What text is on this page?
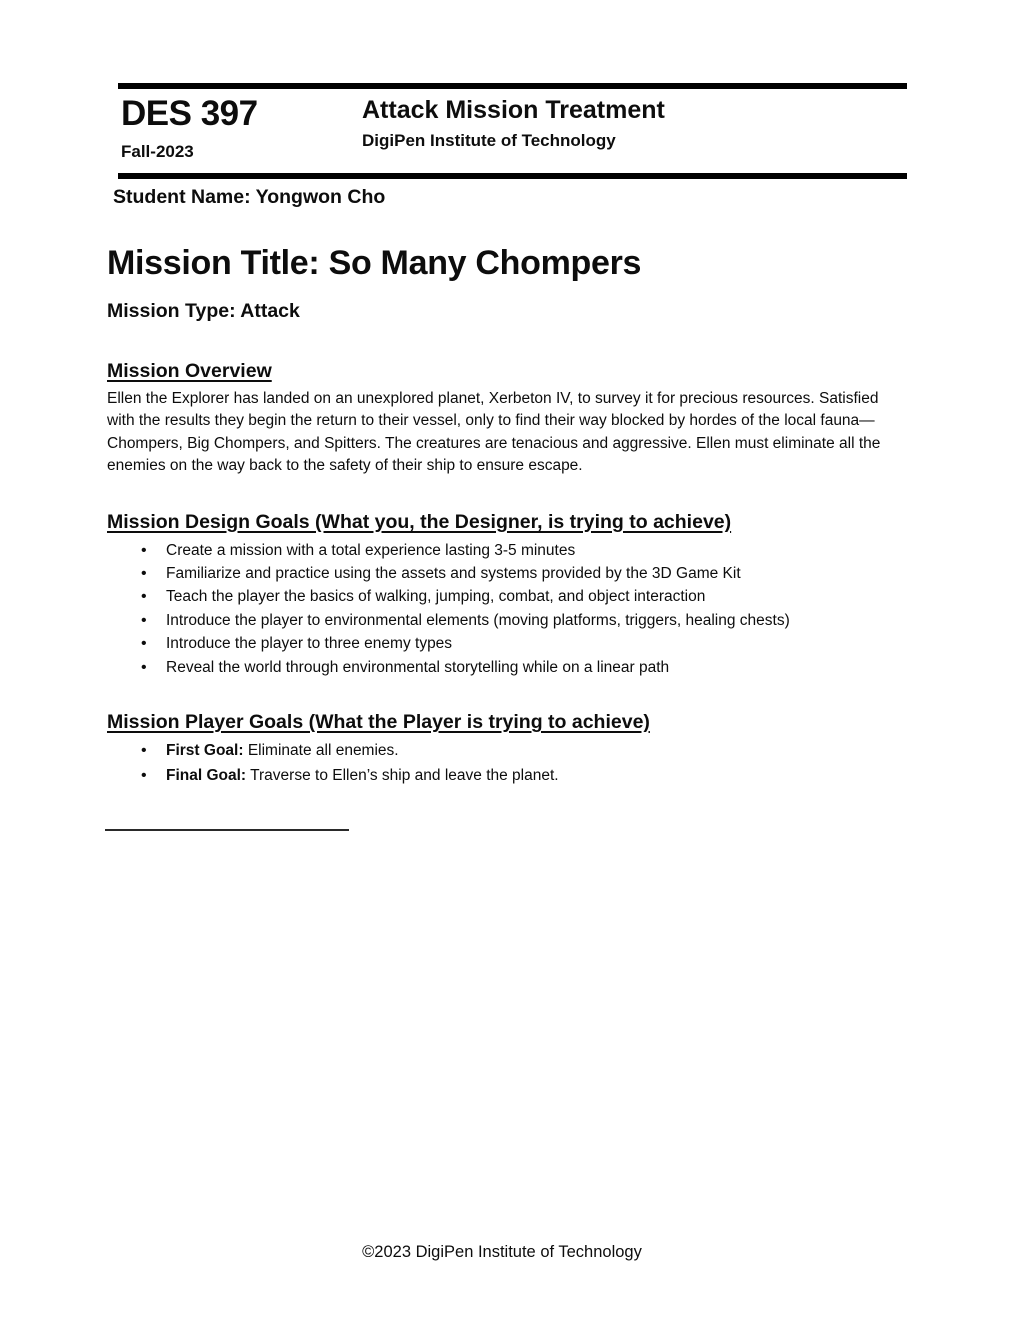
DES 397
Fall-2023
Attack Mission Treatment
DigiPen Institute of Technology
Student Name: Yongwon Cho
Mission Title: So Many Chompers
Mission Type: Attack
Mission Overview
Ellen the Explorer has landed on an unexplored planet, Xerbeton IV, to survey it for precious resources. Satisfied with the results they begin the return to their vessel, only to find their way blocked by hordes of the local fauna—Chompers, Big Chompers, and Spitters. The creatures are tenacious and aggressive. Ellen must eliminate all the enemies on the way back to the safety of their ship to ensure escape.
Mission Design Goals (What you, the Designer, is trying to achieve)
• Create a mission with a total experience lasting 3-5 minutes
• Familiarize and practice using the assets and systems provided by the 3D Game Kit
• Teach the player the basics of walking, jumping, combat, and object interaction
• Introduce the player to environmental elements (moving platforms, triggers, healing chests)
• Introduce the player to three enemy types
• Reveal the world through environmental storytelling while on a linear path
Mission Player Goals (What the Player is trying to achieve)
• First Goal: Eliminate all enemies.
• Final Goal: Traverse to Ellen’s ship and leave the planet.
©2023 DigiPen Institute of Technology
